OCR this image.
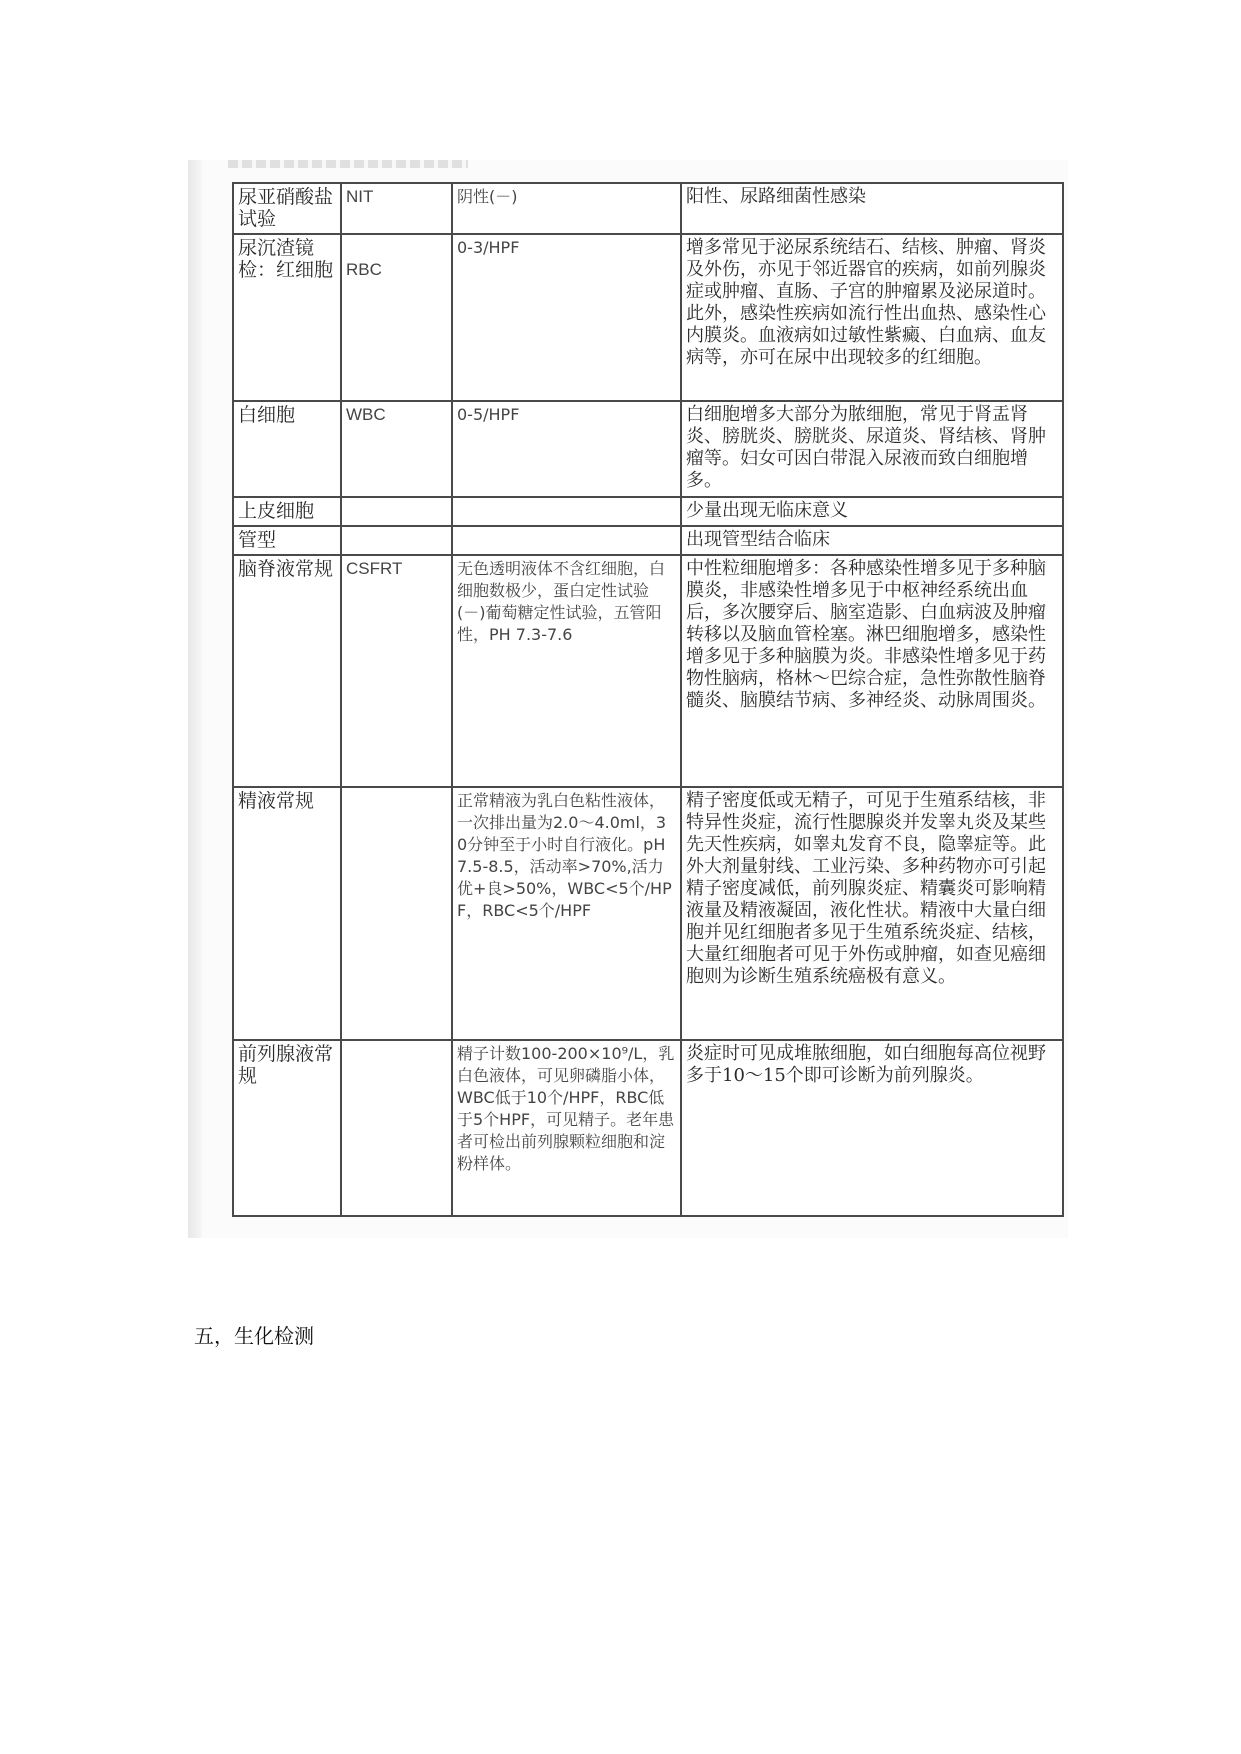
尿亚硝酸盐试验	NIT	阴性(－)	阳性、尿路细菌性感染
尿沉渣镜检：红细胞	RBC	0-3/HPF	增多常见于泌尿系统结石、结核、肿瘤、肾炎及外伤，亦见于邻近器官的疾病，如前列腺炎症或肿瘤、直肠、子宫的肿瘤累及泌尿道时。此外，感染性疾病如流行性出血热、感染性心内膜炎。血液病如过敏性紫癜、白血病、血友病等，亦可在尿中出现较多的红细胞。
白细胞	WBC	0-5/HPF	白细胞增多大部分为脓细胞，常见于肾盂肾炎、膀胱炎、膀胱炎、尿道炎、肾结核、肾肿瘤等。妇女可因白带混入尿液而致白细胞增多。
上皮细胞			少量出现无临床意义
管型			出现管型结合临床
脑脊液常规	CSFRT	无色透明液体不含红细胞，白细胞数极少，蛋白定性试验(－)葡萄糖定性试验，五管阳性，PH 7.3-7.6	中性粒细胞增多：各种感染性增多见于多种脑膜炎，非感染性增多见于中枢神经系统出血后，多次腰穿后、脑室造影、白血病波及肿瘤转移以及脑血管栓塞。淋巴细胞增多，感染性增多见于多种脑膜为炎。非感染性增多见于药物性脑病，格林～巴综合症，急性弥散性脑脊髓炎、脑膜结节病、多神经炎、动脉周围炎。
精液常规		正常精液为乳白色粘性液体，一次排出量为2.0～4.0ml，30分钟至于小时自行液化。pH 7.5-8.5，活动率>70%,活力优+良>50%，WBC<5个/HPF，RBC<5个/HPF	精子密度低或无精子，可见于生殖系结核，非特异性炎症，流行性腮腺炎并发睾丸炎及某些先天性疾病，如睾丸发育不良，隐睾症等。此外大剂量射线、工业污染、多种药物亦可引起精子密度减低，前列腺炎症、精囊炎可影响精液量及精液凝固，液化性状。精液中大量白细胞并见红细胞者多见于生殖系统炎症、结核，大量红细胞者可见于外伤或肿瘤，如查见癌细胞则为诊断生殖系统癌极有意义。
前列腺液常规		精子计数100-200×10⁹/L，乳白色液体，可见卵磷脂小体，WBC低于10个/HPF，RBC低于5个HPF，可见精子。老年患者可检出前列腺颗粒细胞和淀粉样体。	炎症时可见成堆脓细胞，如白细胞每高位视野多于10～15个即可诊断为前列腺炎。
五，生化检测
